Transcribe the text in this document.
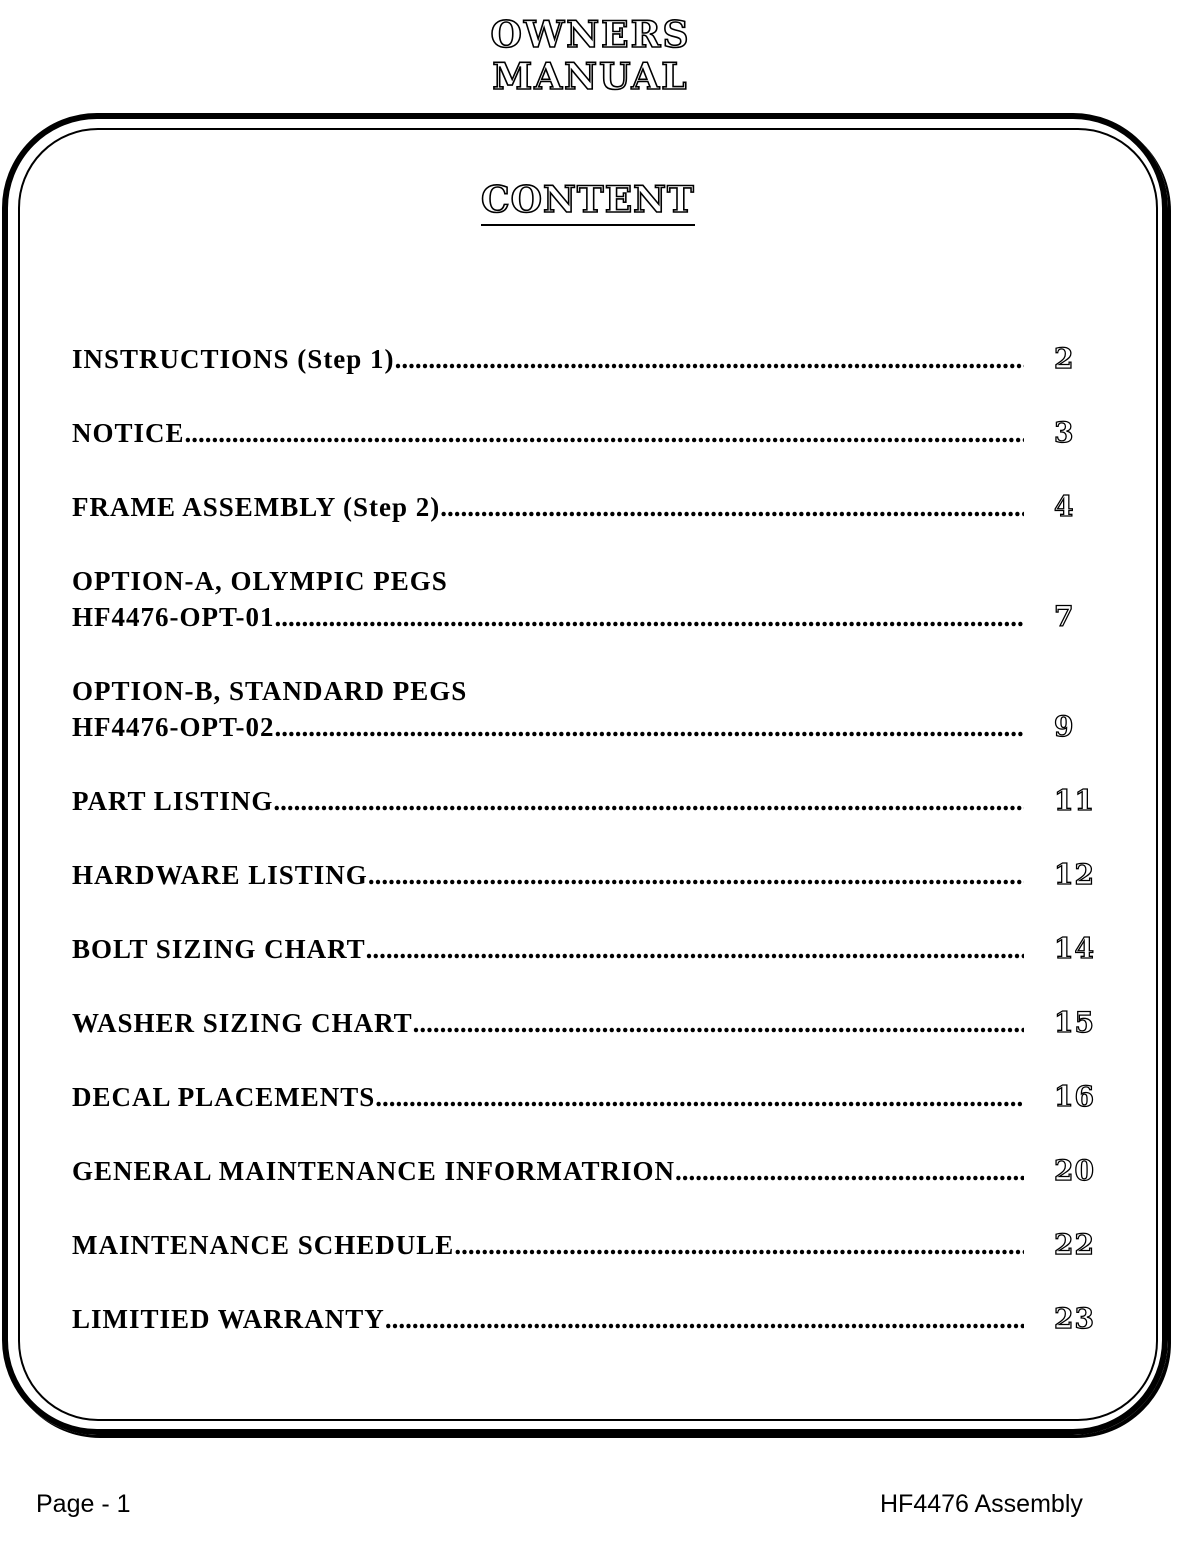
OWNERS
MANUAL
CONTENT
INSTRUCTIONS (Step 1) .....	2
NOTICE .....	3
FRAME ASSEMBLY (Step 2) .....	4
OPTION-A, OLYMPIC PEGS
HF4476-OPT-01 .....	7
OPTION-B, STANDARD PEGS
HF4476-OPT-02 .....	9
PART LISTING .....	11
HARDWARE LISTING .....	12
BOLT SIZING CHART .....	14
WASHER SIZING CHART .....	15
DECAL PLACEMENTS .....	16
GENERAL MAINTENANCE INFORMATRION .....	20
MAINTENANCE SCHEDULE .....	22
LIMITIED WARRANTY .....	23
Page - 1	HF4476 Assembly
